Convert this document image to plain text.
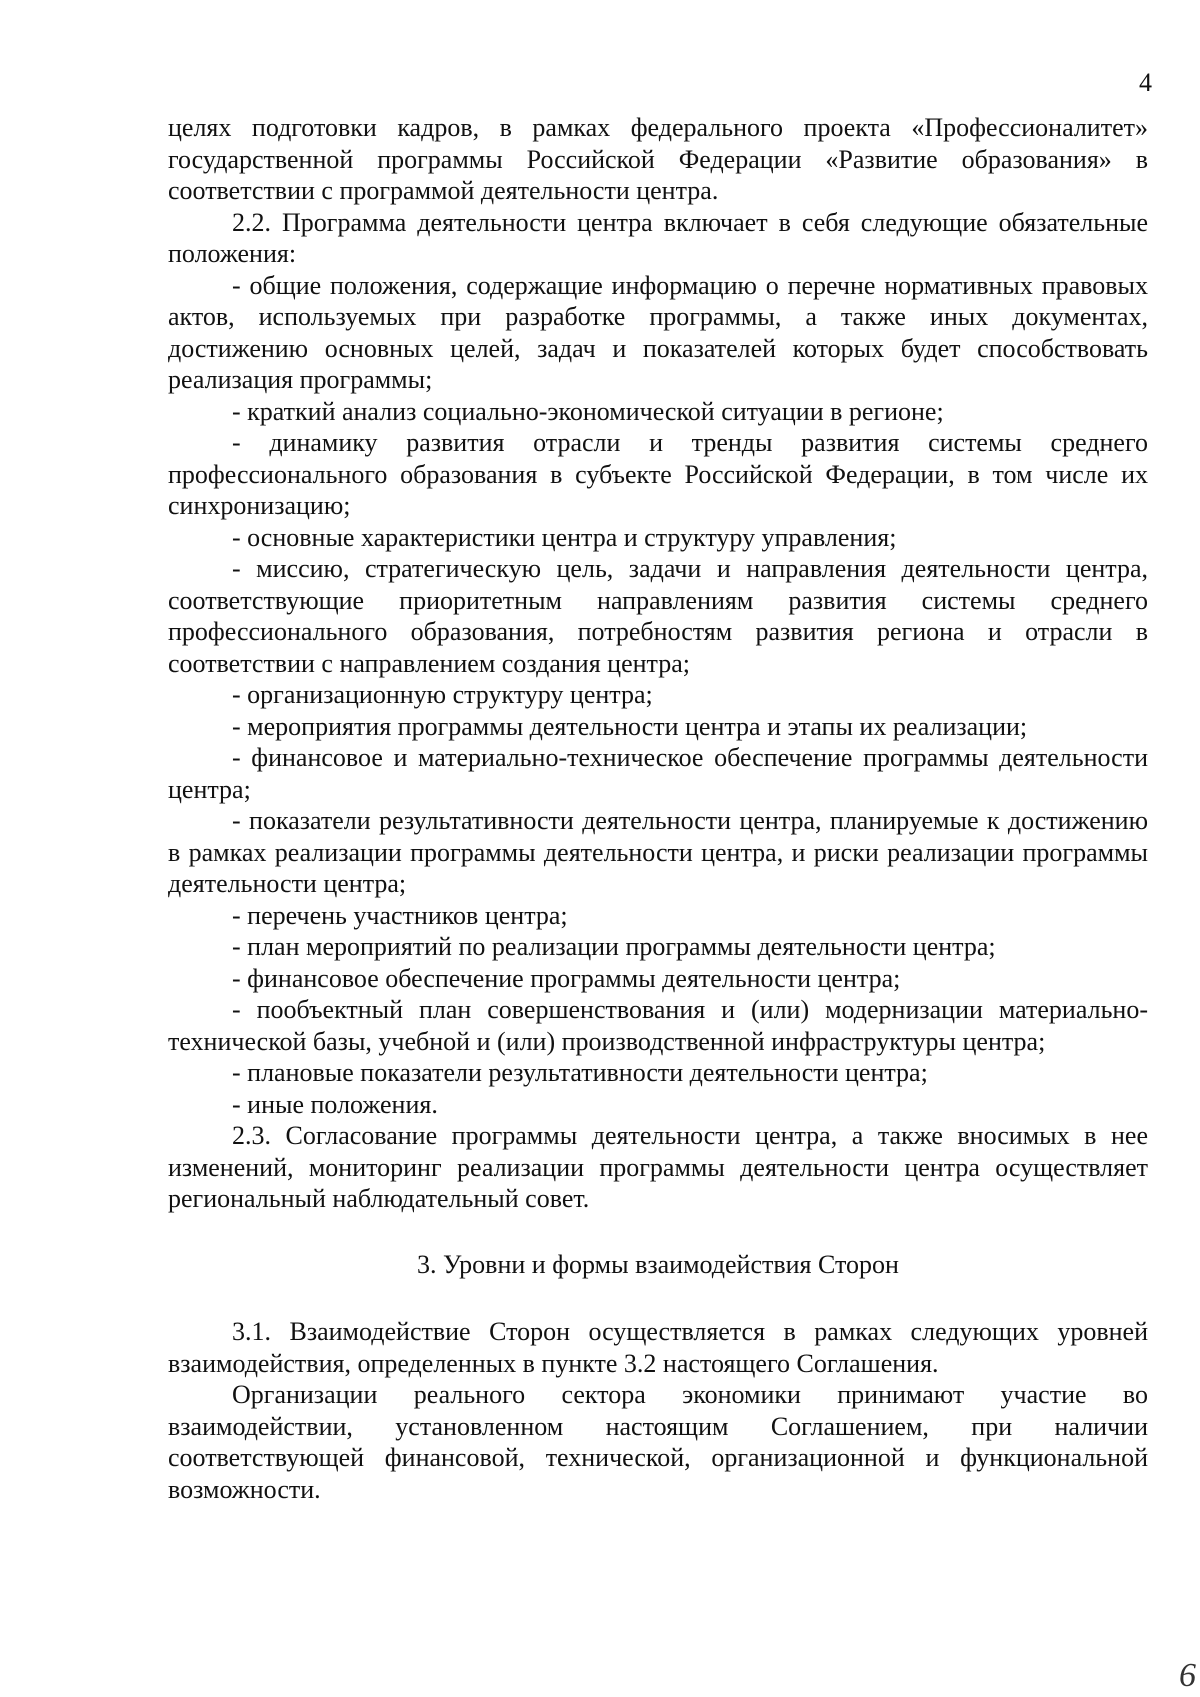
4

целях подготовки кадров, в рамках федерального проекта «Профессионалитет» государственной программы Российской Федерации «Развитие образования» в соответствии с программой деятельности центра.

2.2. Программа деятельности центра включает в себя следующие обязательные положения:

- общие положения, содержащие информацию о перечне нормативных правовых актов, используемых при разработке программы, а также иных документах, достижению основных целей, задач и показателей которых будет способствовать реализация программы;

- краткий анализ социально-экономической ситуации в регионе;

- динамику развития отрасли и тренды развития системы среднего профессионального образования в субъекте Российской Федерации, в том числе их синхронизацию;

- основные характеристики центра и структуру управления;

- миссию, стратегическую цель, задачи и направления деятельности центра, соответствующие приоритетным направлениям развития системы среднего профессионального образования, потребностям развития региона и отрасли в соответствии с направлением создания центра;

- организационную структуру центра;

- мероприятия программы деятельности центра и этапы их реализации;

- финансовое и материально-техническое обеспечение программы деятельности центра;

- показатели результативности деятельности центра, планируемые к достижению в рамках реализации программы деятельности центра, и риски реализации программы деятельности центра;

- перечень участников центра;

- план мероприятий по реализации программы деятельности центра;

- финансовое обеспечение программы деятельности центра;

- пообъектный план совершенствования и (или) модернизации материально-технической базы, учебной и (или) производственной инфраструктуры центра;

- плановые показатели результативности деятельности центра;

- иные положения.

2.3. Согласование программы деятельности центра, а также вносимых в нее изменений, мониторинг реализации программы деятельности центра осуществляет региональный наблюдательный совет.

3. Уровни и формы взаимодействия Сторон

3.1. Взаимодействие Сторон осуществляется в рамках следующих уровней взаимодействия, определенных в пункте 3.2 настоящего Соглашения.

Организации реального сектора экономики принимают участие во взаимодействии, установленном настоящим Соглашением, при наличии соответствующей финансовой, технической, организационной и функциональной возможности.

6
